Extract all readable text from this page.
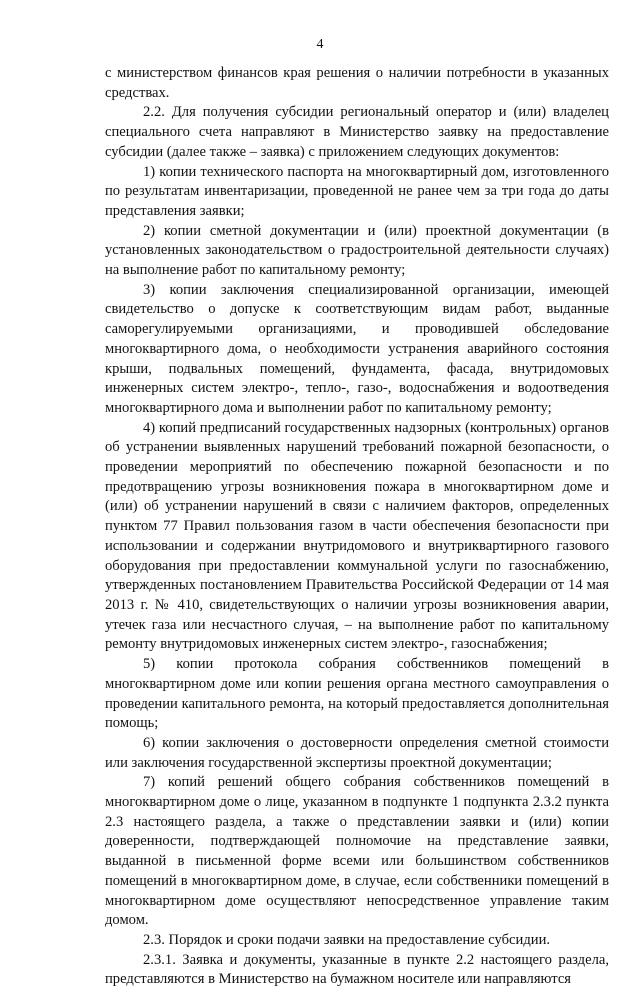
4

с министерством финансов края решения о наличии потребности в указанных средствах.

2.2. Для получения субсидии региональный оператор и (или) владелец специального счета направляют в Министерство заявку на предоставление субсидии (далее также – заявка) с приложением следующих документов:

1) копии технического паспорта на многоквартирный дом, изготовленного по результатам инвентаризации, проведенной не ранее чем за три года до даты представления заявки;

2) копии сметной документации и (или) проектной документации (в установленных законодательством о градостроительной деятельности случаях) на выполнение работ по капитальному ремонту;

3) копии заключения специализированной организации, имеющей свидетельство о допуске к соответствующим видам работ, выданные саморегулируемыми организациями, и проводившей обследование многоквартирного дома, о необходимости устранения аварийного состояния крыши, подвальных помещений, фундамента, фасада, внутридомовых инженерных систем электро-, тепло-, газо-, водоснабжения и водоотведения многоквартирного дома и выполнении работ по капитальному ремонту;

4) копий предписаний государственных надзорных (контрольных) органов об устранении выявленных нарушений требований пожарной безопасности, о проведении мероприятий по обеспечению пожарной безопасности и по предотвращению угрозы возникновения пожара в многоквартирном доме и (или) об устранении нарушений в связи с наличием факторов, определенных пунктом 77 Правил пользования газом в части обеспечения безопасности при использовании и содержании внутридомового и внутриквартирного газового оборудования при предоставлении коммунальной услуги по газоснабжению, утвержденных постановлением Правительства Российской Федерации от 14 мая 2013 г. № 410, свидетельствующих о наличии угрозы возникновения аварии, утечек газа или несчастного случая, – на выполнение работ по капитальному ремонту внутридомовых инженерных систем электро-, газоснабжения;

5) копии протокола собрания собственников помещений в многоквартирном доме или копии решения органа местного самоуправления о проведении капитального ремонта, на который предоставляется дополнительная помощь;

6) копии заключения о достоверности определения сметной стоимости или заключения государственной экспертизы проектной документации;

7) копий решений общего собрания собственников помещений в многоквартирном доме о лице, указанном в подпункте 1 подпункта 2.3.2 пункта 2.3 настоящего раздела, а также о представлении заявки и (или) копии доверенности, подтверждающей полномочие на представление заявки, выданной в письменной форме всеми или большинством собственников помещений в многоквартирном доме, в случае, если собственники помещений в многоквартирном доме осуществляют непосредственное управление таким домом.

2.3. Порядок и сроки подачи заявки на предоставление субсидии.

2.3.1. Заявка и документы, указанные в пункте 2.2 настоящего раздела, представляются в Министерство на бумажном носителе или направляются
